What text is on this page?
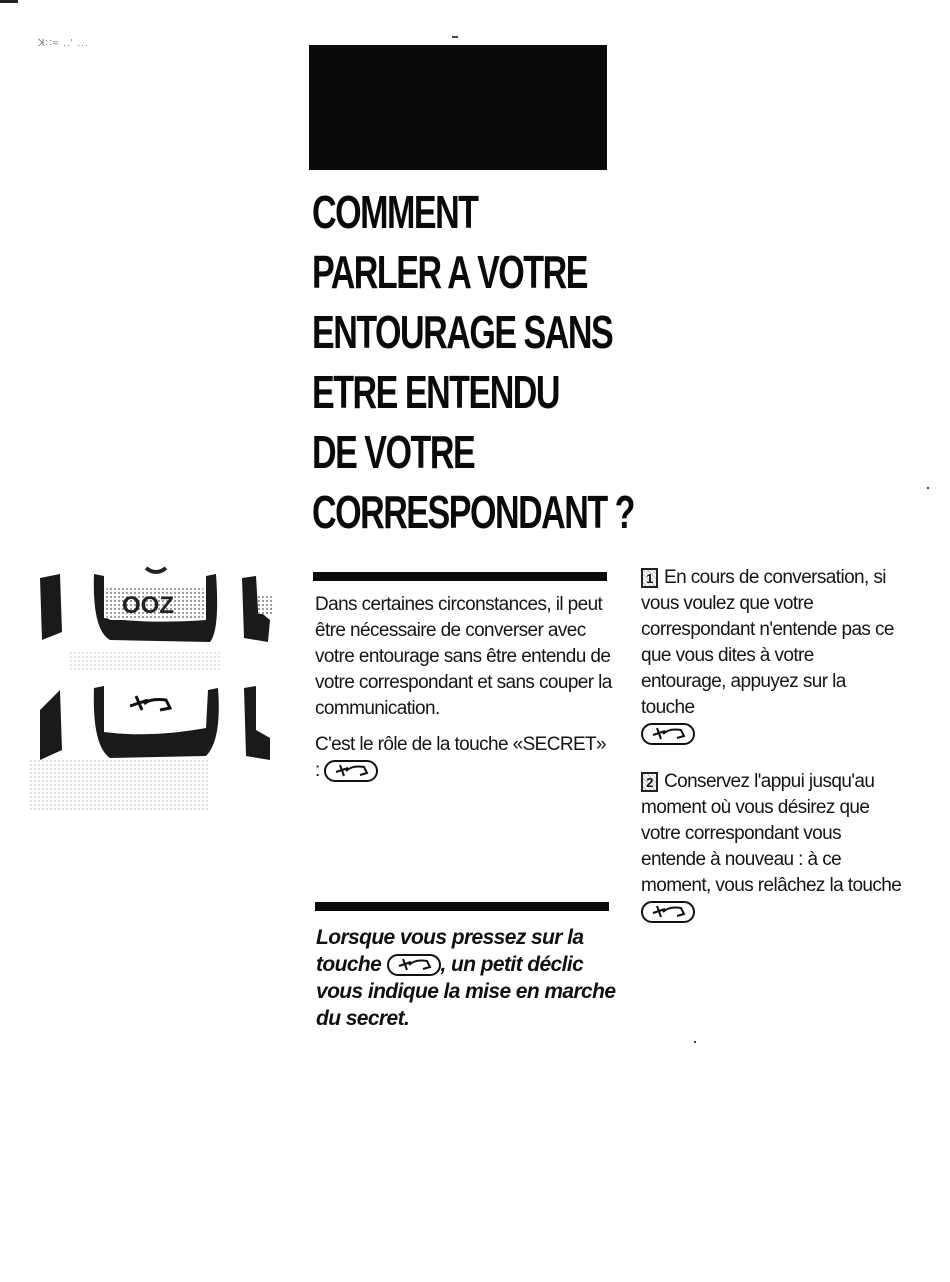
ꓘ∷≈ ..' ...
COMMENT
PARLER A VOTRE
ENTOURAGE SANS
ETRE ENTENDU
DE VOTRE
CORRESPONDANT ?
OOZ	Dans certaines circonstances, il peut être nécessaire de converser avec votre entourage sans être entendu de votre correspondant et sans couper la communication.

C'est le rôle de la touche «SECRET» :

Lorsque vous pressez sur la touche	, un petit déclic vous indique la mise en marche du secret.

1 En cours de conversation, si vous voulez que votre correspondant n'entende pas ce que vous dites à votre entourage, appuyez sur la touche

2 Conservez l'appui jusqu'au moment où vous désirez que votre correspondant vous entende à nouveau : à ce moment, vous relâchez la touche
